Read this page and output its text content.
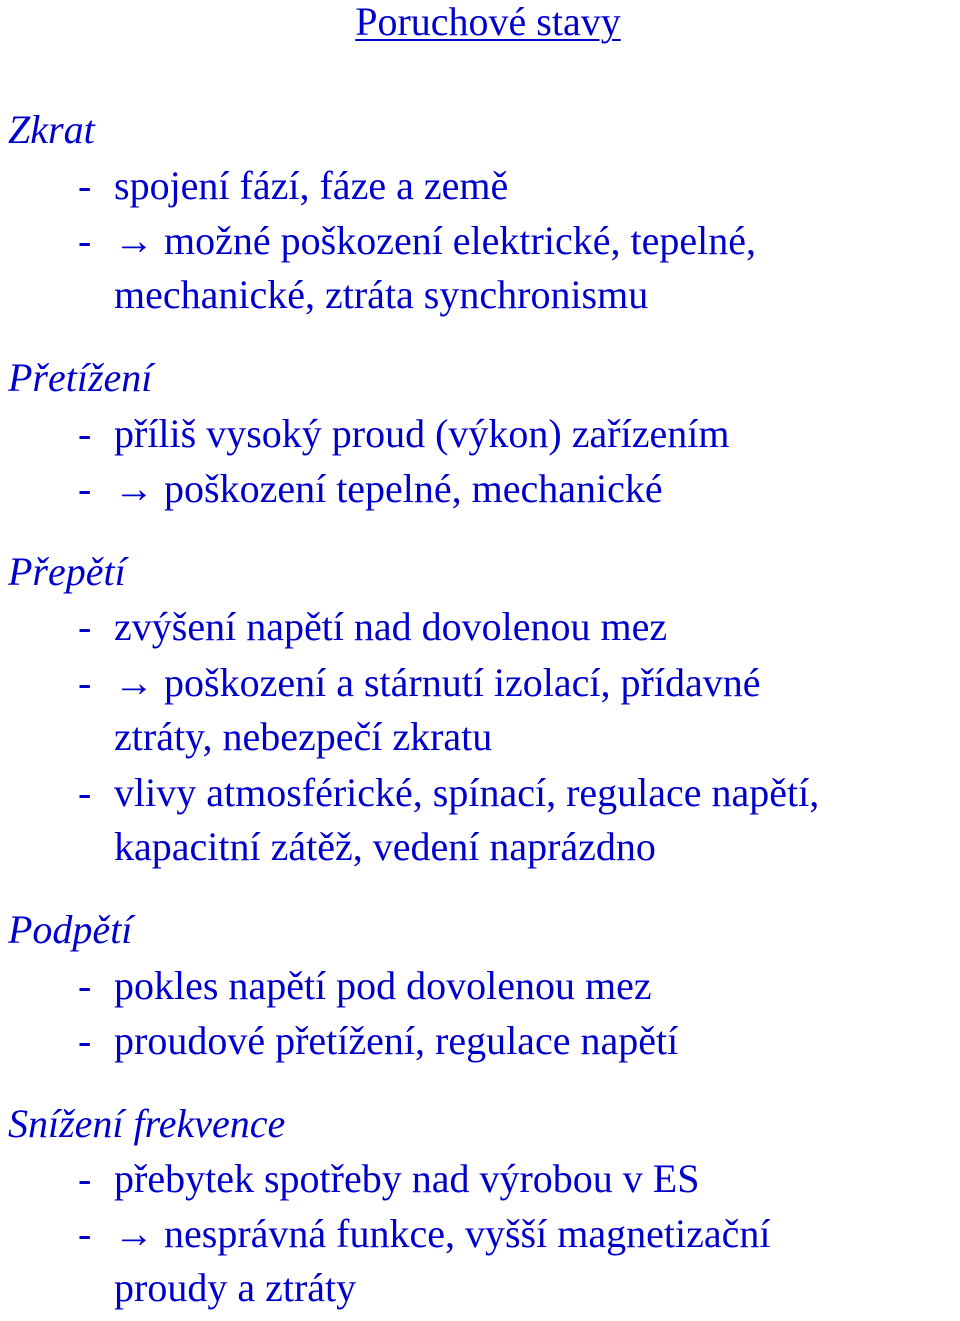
Poruchové stavy
Zkrat
- spojení fází, fáze a země
- → možné poškození elektrické, tepelné,
mechanické, ztráta synchronismu
Přetížení
- příliš vysoký proud (výkon) zařízením
- → poškození tepelné, mechanické
Přepětí
- zvýšení napětí nad dovolenou mez
- → poškození a stárnutí izolací, přídavné
ztráty, nebezpečí zkratu
- vlivy atmosférické, spínací, regulace napětí,
kapacitní zátěž, vedení naprázdno
Podpětí
- pokles napětí pod dovolenou mez
- proudové přetížení, regulace napětí
Snížení frekvence
- přebytek spotřeby nad výrobou v ES
- → nesprávná funkce, vyšší magnetizační
proudy a ztráty
